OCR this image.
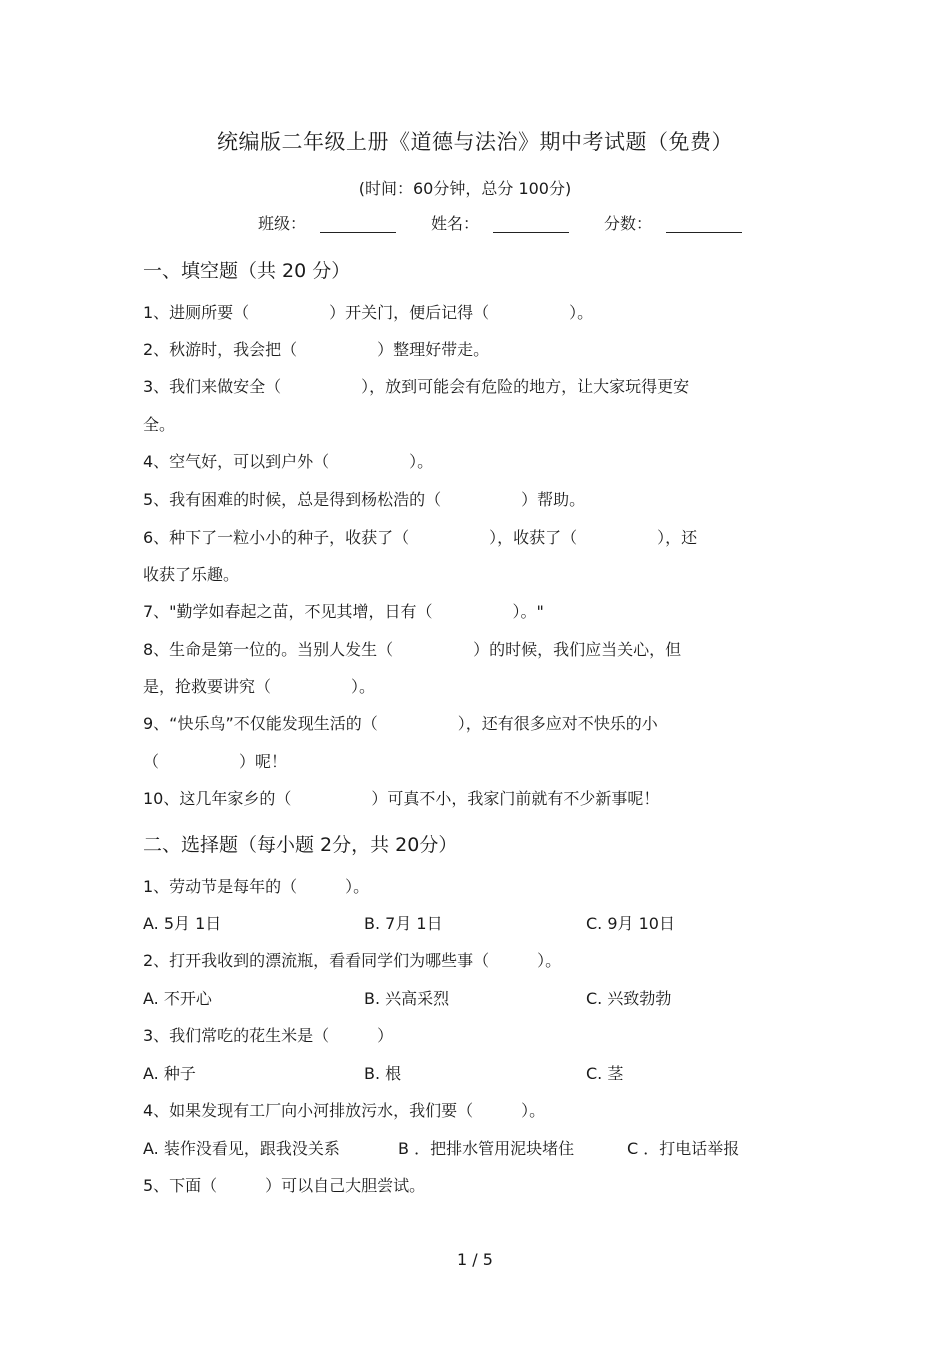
统编版二年级上册《道德与法治》期中考试题（免费）
(时间：60分钟，总分 100分)
班级：	姓名：	分数：
一、填空题（共 20 分）
1、进厕所要（　　　　　）开关门，便后记得（　　　　　）。
2、秋游时，我会把（　　　　　）整理好带走。
3、我们来做安全（　　　　　），放到可能会有危险的地方，让大家玩得更安
全。
4、空气好，可以到户外（　　　　　）。
5、我有困难的时候，总是得到杨松浩的（　　　　　）帮助。
6、种下了一粒小小的种子，收获了（　　　　　），收获了（　　　　　），还
收获了乐趣。
7、"勤学如春起之苗，不见其增，日有（　　　　　）。"
8、生命是第一位的。当别人发生（　　　　　）的时候，我们应当关心，但
是，抢救要讲究（　　　　　）。
9、“快乐鸟”不仅能发现生活的（　　　　　），还有很多应对不快乐的小
（　　　　　）呢！
10、这几年家乡的（　　　　　）可真不小，我家门前就有不少新事呢！
二、选择题（每小题 2分，共 20分）
1、劳动节是每年的（　　　）。
A. 5月 1日	B. 7月 1日	C. 9月 10日
2、打开我收到的漂流瓶，看看同学们为哪些事（　　　）。
A. 不开心	B. 兴高采烈	C. 兴致勃勃
3、我们常吃的花生米是（　　　）
A. 种子	B. 根	C. 茎
4、如果发现有工厂向小河排放污水，我们要（　　　）。
A. 装作没看见，跟我没关系	B ．把排水管用泥块堵住	C ．打电话举报
5、下面（　　　）可以自己大胆尝试。
1 / 5
